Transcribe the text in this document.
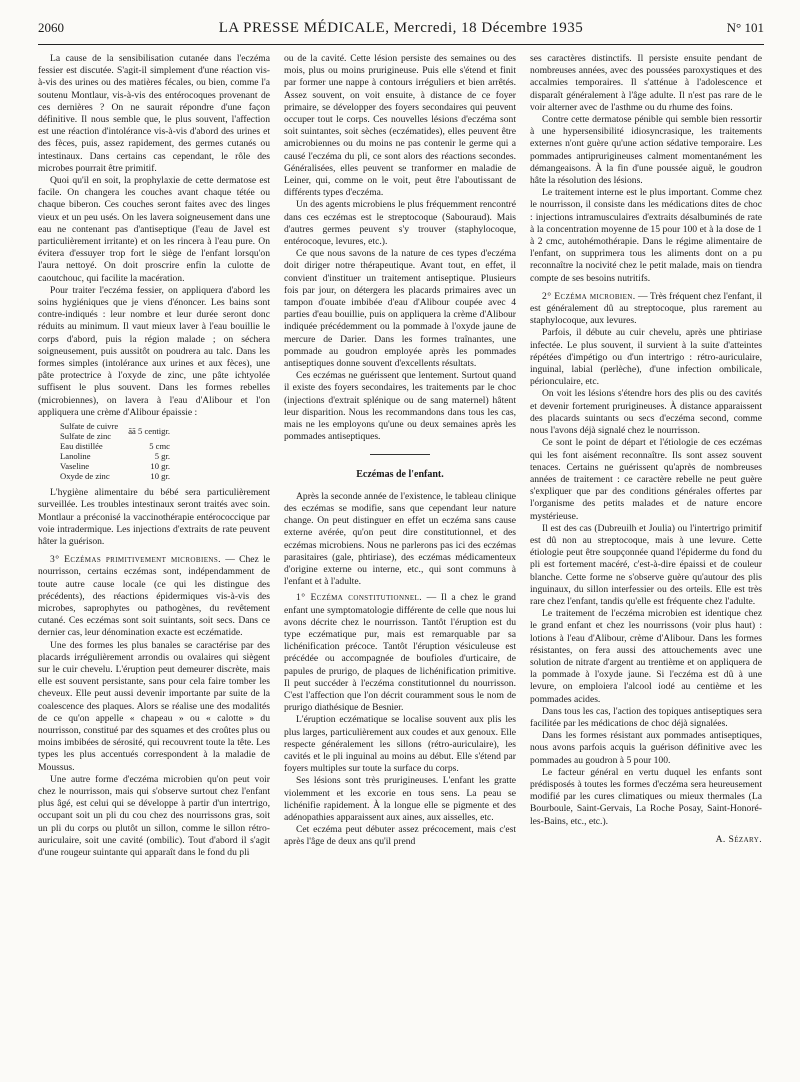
2060	LA PRESSE MÉDICALE, Mercredi, 18 Décembre 1935	N° 101

La cause de la sensibilisation cutanée dans l'eczéma fessier est discutée. S'agit-il simplement d'une réaction vis-à-vis des urines ou des matières fécales, ou bien, comme l'a soutenu Montlaur, vis-à-vis des entérocoques provenant de ces dernières ? On ne saurait répondre d'une façon définitive. Il nous semble que, le plus souvent, l'affection est une réaction d'intolérance vis-à-vis d'abord des urines et des fèces, puis, assez rapidement, des germes cutanés ou intestinaux. Dans certains cas cependant, le rôle des microbes pourrait être primitif.

Quoi qu'il en soit, la prophylaxie de cette dermatose est facile. On changera les couches avant chaque tétée ou chaque biberon. Ces couches seront faites avec des linges vieux et un peu usés. On les lavera soigneusement dans une eau ne contenant pas d'antiseptique (l'eau de Javel est particulièrement irritante) et on les rincera à l'eau pure. On évitera d'essuyer trop fort le siège de l'enfant lorsqu'on l'aura nettoyé. On doit proscrire enfin la culotte de caoutchouc, qui facilite la macération.

Pour traiter l'eczéma fessier, on appliquera d'abord les soins hygiéniques que je viens d'énoncer. Les bains sont contre-indiqués : leur nombre et leur durée seront donc réduits au minimum. Il vaut mieux laver à l'eau bouillie le corps d'abord, puis la région malade ; on séchera soigneusement, puis aussitôt on poudrera au talc. Dans les formes simples (intolérance aux urines et aux fèces), une pâte protectrice à l'oxyde de zinc, une pâte ichtyolée suffisent le plus souvent. Dans les formes rebelles (microbiennes), on lavera à l'eau d'Alibour et l'on appliquera une crème d'Alibour épaissie :

Sulfate de cuivre	āā 5 centigr.
Sulfate de zinc	
Eau distillée	5 cmc
Lanoline	5 gr.
Vaseline	10 gr.
Oxyde de zinc	10 gr.

L'hygiène alimentaire du bébé sera particulièrement surveillée. Les troubles intestinaux seront traités avec soin. Montlaur a préconisé la vaccinothérapie entérococcique par voie intradermique. Les injections d'extraits de rate peuvent hâter la guérison.

3° Eczémas primitivement microbiens. — Chez le nourrisson, certains eczémas sont, indépendamment de toute autre cause locale (ce qui les distingue des précédents), des réactions épidermiques vis-à-vis des microbes, saprophytes ou pathogènes, du revêtement cutané. Ces eczémas sont soit suintants, soit secs. Dans ce dernier cas, leur dénomination exacte est eczématide.

Une des formes les plus banales se caractérise par des placards irrégulièrement arrondis ou ovalaires qui siègent sur le cuir chevelu. L'éruption peut demeurer discrète, mais elle est souvent persistante, sans pour cela faire tomber les cheveux. Elle peut aussi devenir importante par suite de la coalescence des plaques. Alors se réalise une des modalités de ce qu'on appelle « chapeau » ou « calotte » du nourrisson, constitué par des squames et des croûtes plus ou moins imbibées de sérosité, qui recouvrent toute la tête. Les types les plus accentués correspondent à la maladie de Moussus.

Une autre forme d'eczéma microbien qu'on peut voir chez le nourrisson, mais qui s'observe surtout chez l'enfant plus âgé, est celui qui se développe à partir d'un intertrigo, occupant soit un pli du cou chez des nourrissons gras, soit un pli du corps ou plutôt un sillon, comme le sillon rétro-auriculaire, soit une cavité (ombilic). Tout d'abord il s'agit d'une rougeur suintante qui apparaît dans le fond du pli

ou de la cavité. Cette lésion persiste des semaines ou des mois, plus ou moins prurigineuse. Puis elle s'étend et finit par former une nappe à contours irréguliers et bien arrêtés. Assez souvent, on voit ensuite, à distance de ce foyer primaire, se développer des foyers secondaires qui peuvent occuper tout le corps. Ces nouvelles lésions d'eczéma sont soit suintantes, soit sèches (eczématides), elles peuvent être amicrobiennes ou du moins ne pas contenir le germe qui a causé l'eczéma du pli, ce sont alors des réactions secondes. Généralisées, elles peuvent se tranformer en maladie de Leiner, qui, comme on le voit, peut être l'aboutissant de différents types d'eczéma.

Un des agents microbiens le plus fréquemment rencontré dans ces eczémas est le streptocoque (Sabouraud). Mais d'autres germes peuvent s'y trouver (staphylocoque, entérocoque, levures, etc.).

Ce que nous savons de la nature de ces types d'eczéma doit diriger notre thérapeutique. Avant tout, en effet, il convient d'instituer un traitement antiseptique. Plusieurs fois par jour, on détergera les placards primaires avec un tampon d'ouate imbibée d'eau d'Alibour coupée avec 4 parties d'eau bouillie, puis on appliquera la crème d'Alibour indiquée précédemment ou la pommade à l'oxyde jaune de mercure de Darier. Dans les formes traînantes, une pommade au goudron employée après les pommades antiseptiques donne souvent d'excellents résultats.

Ces eczémas ne guérissent que lentement. Surtout quand il existe des foyers secondaires, les traitements par le choc (injections d'extrait splénique ou de sang maternel) hâtent leur disparition. Nous les recommandons dans tous les cas, mais ne les employons qu'une ou deux semaines après les pommades antiseptiques.

Eczémas de l'enfant.

Après la seconde année de l'existence, le tableau clinique des eczémas se modifie, sans que cependant leur nature change. On peut distinguer en effet un eczéma sans cause externe avérée, qu'on peut dire constitutionnel, et des eczémas microbiens. Nous ne parlerons pas ici des eczémas parasitaires (gale, phtiriase), des eczémas médicamenteux d'origine externe ou interne, etc., qui sont communs à l'enfant et à l'adulte.

1° Eczéma constitutionnel. — Il a chez le grand enfant une symptomatologie différente de celle que nous lui avons décrite chez le nourrisson. Tantôt l'éruption est du type eczématique pur, mais est remarquable par sa lichénification précoce. Tantôt l'éruption vésiculeuse est précédée ou accompagnée de boufioles d'urticaire, de papules de prurigo, de plaques de lichénification primitive. Il peut succéder à l'eczéma constitutionnel du nourrisson. C'est l'affection que l'on décrit couramment sous le nom de prurigo diathésique de Besnier.

L'éruption eczématique se localise souvent aux plis les plus larges, particulièrement aux coudes et aux genoux. Elle respecte généralement les sillons (rétro-auriculaire), les cavités et le pli inguinal au moins au début. Elle s'étend par foyers multiples sur toute la surface du corps.

Ses lésions sont très prurigineuses. L'enfant les gratte violemment et les excorie en tous sens. La peau se lichénifie rapidement. À la longue elle se pigmente et des adénopathies apparaissent aux aines, aux aisselles, etc.

Cet eczéma peut débuter assez précocement, mais c'est après l'âge de deux ans qu'il prend

ses caractères distinctifs. Il persiste ensuite pendant de nombreuses années, avec des poussées paroxystiques et des accalmies temporaires. Il s'atténue à l'adolescence et disparaît généralement à l'âge adulte. Il n'est pas rare de le voir alterner avec de l'asthme ou du rhume des foins.

Contre cette dermatose pénible qui semble bien ressortir à une hypersensibilité idiosyncrasique, les traitements externes n'ont guère qu'une action sédative temporaire. Les pommades antiprurigineuses calment momentanément les démangeaisons. À la fin d'une poussée aiguë, le goudron hâte la résolution des lésions.

Le traitement interne est le plus important. Comme chez le nourrisson, il consiste dans les médications dites de choc : injections intramusculaires d'extraits désalbuminés de rate à la concentration moyenne de 15 pour 100 et à la dose de 1 à 2 cmc, autohémothérapie. Dans le régime alimentaire de l'enfant, on supprimera tous les aliments dont on a pu reconnaître la nocivité chez le petit malade, mais on tiendra compte de ses besoins nutritifs.

2° Eczéma microbien. — Très fréquent chez l'enfant, il est généralement dû au streptocoque, plus rarement au staphylocoque, aux levures.

Parfois, il débute au cuir chevelu, après une phtiriase infectée. Le plus souvent, il survient à la suite d'atteintes répétées d'impétigo ou d'un intertrigo : rétro-auriculaire, inguinal, labial (perlèche), d'une infection ombilicale, périonculaire, etc.

On voit les lésions s'étendre hors des plis ou des cavités et devenir fortement prurigineuses. À distance apparaissent des placards suintants ou secs d'eczéma second, comme nous l'avons déjà signalé chez le nourrisson.

Ce sont le point de départ et l'étiologie de ces eczémas qui les font aisément reconnaître. Ils sont assez souvent tenaces. Certains ne guérissent qu'après de nombreuses années de traitement : ce caractère rebelle ne peut guère s'expliquer que par des conditions générales offertes par l'organisme des petits malades et de nature encore mystérieuse.

Il est des cas (Dubreuilh et Joulia) ou l'intertrigo primitif est dû non au streptocoque, mais à une levure. Cette étiologie peut être soupçonnée quand l'épiderme du fond du pli est fortement macéré, c'est-à-dire épaissi et de couleur blanche. Cette forme ne s'observe guère qu'autour des plis inguinaux, du sillon interfessier ou des orteils. Elle est très rare chez l'enfant, tandis qu'elle est fréquente chez l'adulte.

Le traitement de l'eczéma microbien est identique chez le grand enfant et chez les nourrissons (voir plus haut) : lotions à l'eau d'Alibour, crème d'Alibour. Dans les formes résistantes, on fera aussi des attouchements avec une solution de nitrate d'argent au trentième et on appliquera de la pommade à l'oxyde jaune. Si l'eczéma est dû à une levure, on emploiera l'alcool iodé au centième et les pommades acides.

Dans tous les cas, l'action des topiques antiseptiques sera facilitée par les médications de choc déjà signalées.

Dans les formes résistant aux pommades antiseptiques, nous avons parfois acquis la guérison définitive avec les pommades au goudron à 5 pour 100.

Le facteur général en vertu duquel les enfants sont prédisposés à toutes les formes d'eczéma sera heureusement modifié par les cures climatiques ou mieux thermales (La Bourboule, Saint-Gervais, La Roche Posay, Saint-Honoré-les-Bains, etc., etc.).

A. Sézary.
